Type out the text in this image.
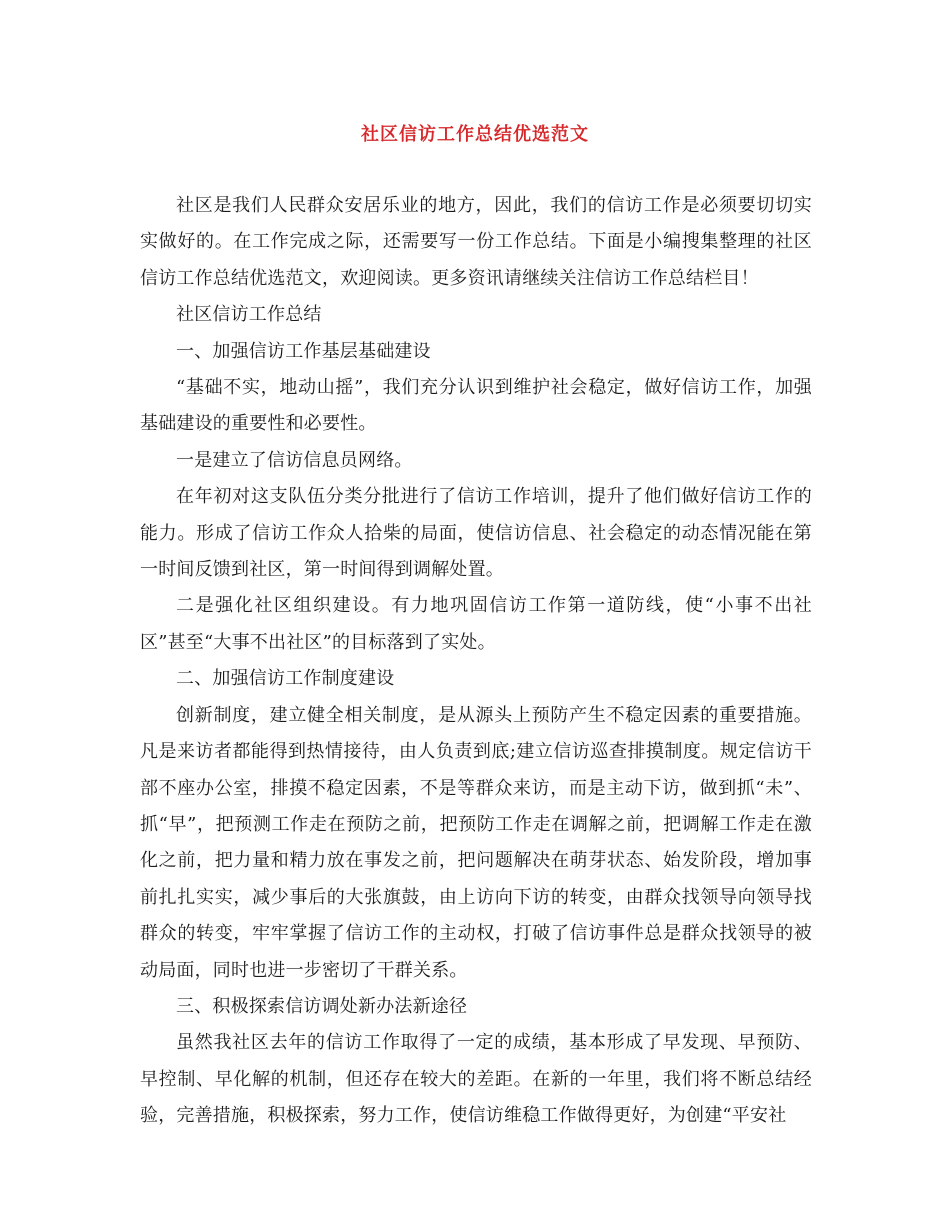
社区信访工作总结优选范文

社区是我们人民群众安居乐业的地方，因此，我们的信访工作是必须要切切实实做好的。在工作完成之际，还需要写一份工作总结。下面是小编搜集整理的社区信访工作总结优选范文，欢迎阅读。更多资讯请继续关注信访工作总结栏目！

社区信访工作总结

一、加强信访工作基层基础建设

“基础不实，地动山摇”，我们充分认识到维护社会稳定，做好信访工作，加强基础建设的重要性和必要性。

一是建立了信访信息员网络。

在年初对这支队伍分类分批进行了信访工作培训，提升了他们做好信访工作的能力。形成了信访工作众人拾柴的局面，使信访信息、社会稳定的动态情况能在第一时间反馈到社区，第一时间得到调解处置。

二是强化社区组织建设。有力地巩固信访工作第一道防线，使“小事不出社区”甚至“大事不出社区”的目标落到了实处。

二、加强信访工作制度建设

创新制度，建立健全相关制度，是从源头上预防产生不稳定因素的重要措施。凡是来访者都能得到热情接待，由人负责到底;建立信访巡查排摸制度。规定信访干部不座办公室，排摸不稳定因素，不是等群众来访，而是主动下访，做到抓“未”、抓“早”，把预测工作走在预防之前，把预防工作走在调解之前，把调解工作走在激化之前，把力量和精力放在事发之前，把问题解决在萌芽状态、始发阶段，增加事前扎扎实实，减少事后的大张旗鼓，由上访向下访的转变，由群众找领导向领导找群众的转变，牢牢掌握了信访工作的主动权，打破了信访事件总是群众找领导的被动局面，同时也进一步密切了干群关系。

三、积极探索信访调处新办法新途径

虽然我社区去年的信访工作取得了一定的成绩，基本形成了早发现、早预防、早控制、早化解的机制，但还存在较大的差距。在新的一年里，我们将不断总结经验，完善措施，积极探索，努力工作，使信访维稳工作做得更好，为创建“平安社
